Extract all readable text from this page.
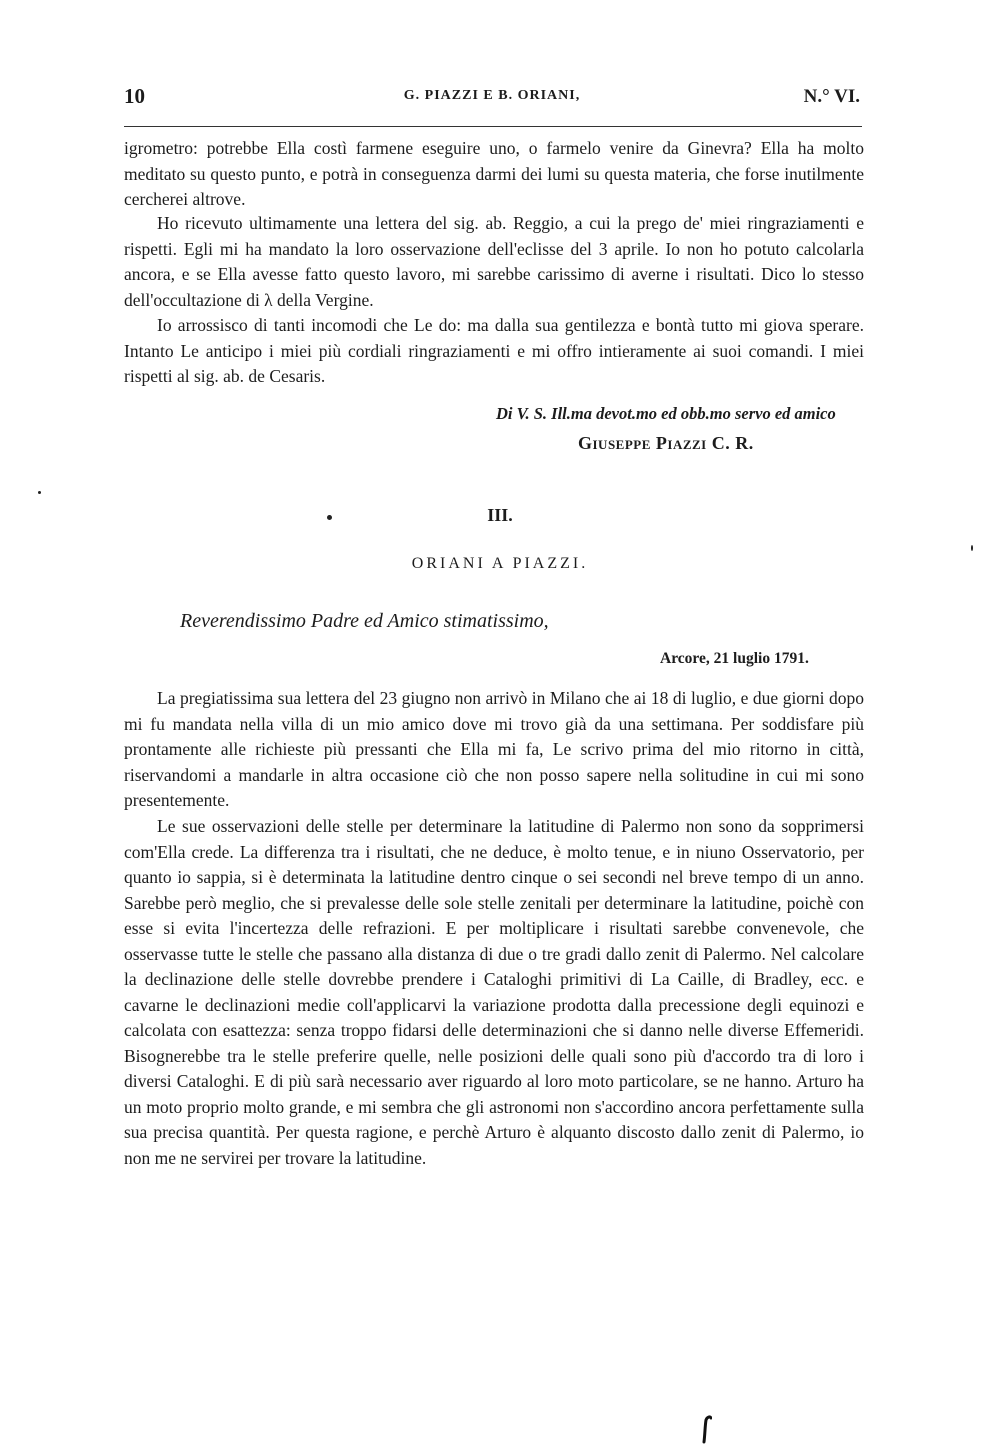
10	G. PIAZZI E B. ORIANI,	N.° VI.

igrometro: potrebbe Ella costì farmene eseguire uno, o farmelo venire da Ginevra? Ella ha molto meditato su questo punto, e potrà in conseguenza darmi dei lumi su questa materia, che forse inutilmente cercherei altrove.

Ho ricevuto ultimamente una lettera del sig. ab. Reggio, a cui la prego de' miei ringraziamenti e rispetti. Egli mi ha mandato la loro osservazione dell'eclisse del 3 aprile. Io non ho potuto calcolarla ancora, e se Ella avesse fatto questo lavoro, mi sarebbe carissimo di averne i risultati. Dico lo stesso dell'occultazione di λ della Vergine.

Io arrossisco di tanti incomodi che Le do: ma dalla sua gentilezza e bontà tutto mi giova sperare. Intanto Le anticipo i miei più cordiali ringraziamenti e mi offro intieramente ai suoi comandi. I miei rispetti al sig. ab. de Cesaris.

Di V. S. Ill.ma devot.mo ed obb.mo servo ed amico
Giuseppe Piazzi C. R.
III.
ORIANI A PIAZZI.
Reverendissimo Padre ed Amico stimatissimo,
Arcore, 21 luglio 1791.

La pregiatissima sua lettera del 23 giugno non arrivò in Milano che ai 18 di luglio, e due giorni dopo mi fu mandata nella villa di un mio amico dove mi trovo già da una settimana. Per soddisfare più prontamente alle richieste più pressanti che Ella mi fa, Le scrivo prima del mio ritorno in città, riservandomi a mandarle in altra occasione ciò che non posso sapere nella solitudine in cui mi sono presentemente.

Le sue osservazioni delle stelle per determinare la latitudine di Palermo non sono da sopprimersi com'Ella crede. La differenza tra i risultati, che ne deduce, è molto tenue, e in niuno Osservatorio, per quanto io sappia, si è determinata la latitudine dentro cinque o sei secondi nel breve tempo di un anno. Sarebbe però meglio, che si prevalesse delle sole stelle zenitali per determinare la latitudine, poichè con esse si evita l'incertezza delle refrazioni. E per moltiplicare i risultati sarebbe convenevole, che osservasse tutte le stelle che passano alla distanza di due o tre gradi dallo zenit di Palermo. Nel calcolare la declinazione delle stelle dovrebbe prendere i Cataloghi primitivi di La Caille, di Bradley, ecc. e cavarne le declinazioni medie coll'applicarvi la variazione prodotta dalla precessione degli equinozi e calcolata con esattezza: senza troppo fidarsi delle determinazioni che si danno nelle diverse Effemeridi. Bisognerebbe tra le stelle preferire quelle, nelle posizioni delle quali sono più d'accordo tra di loro i diversi Cataloghi. E di più sarà necessario aver riguardo al loro moto particolare, se ne hanno. Arturo ha un moto proprio molto grande, e mi sembra che gli astronomi non s'accordino ancora perfettamente sulla sua precisa quantità. Per questa ragione, e perchè Arturo è alquanto discosto dallo zenit di Palermo, io non me ne servirei per trovare la latitudine.
